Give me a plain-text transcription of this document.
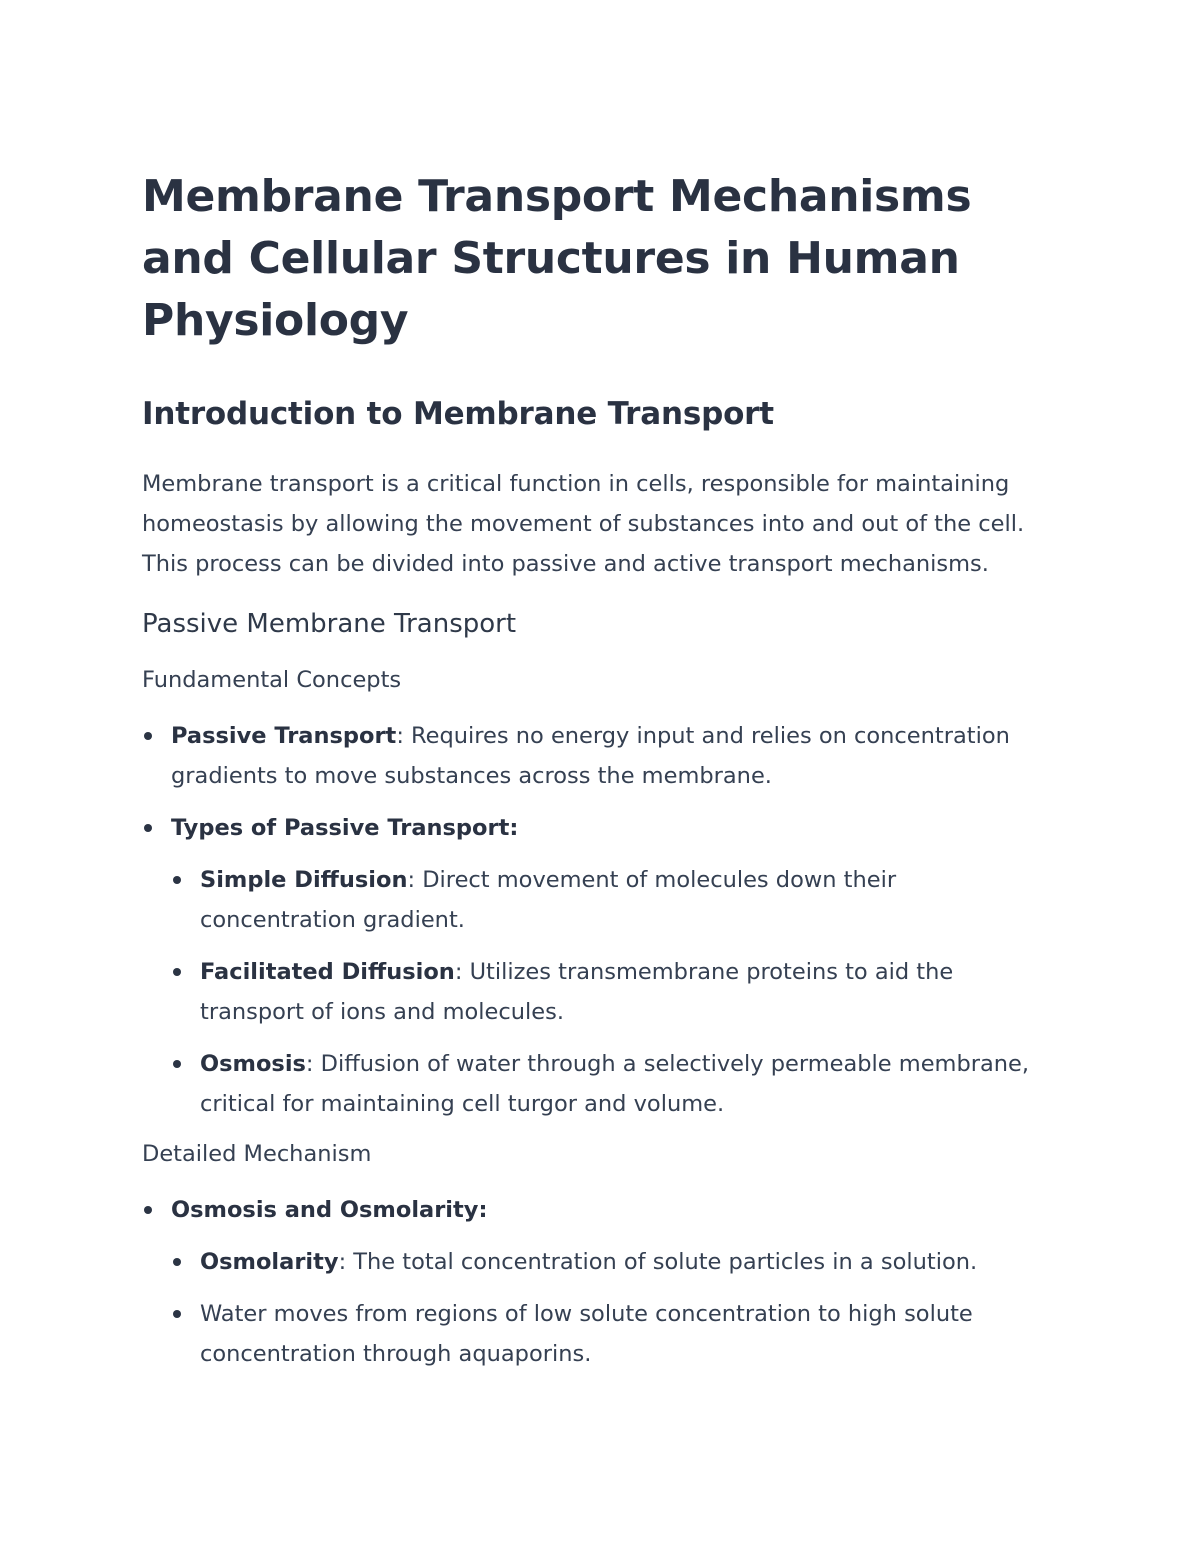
Membrane Transport Mechanisms and Cellular Structures in Human Physiology
Introduction to Membrane Transport

Membrane transport is a critical function in cells, responsible for maintaining homeostasis by allowing the movement of substances into and out of the cell. This process can be divided into passive and active transport mechanisms.

Passive Membrane Transport
Fundamental Concepts
Passive Transport: Requires no energy input and relies on concentration gradients to move substances across the membrane.
Types of Passive Transport:
Simple Diffusion: Direct movement of molecules down their concentration gradient.
Facilitated Diffusion: Utilizes transmembrane proteins to aid the transport of ions and molecules.
Osmosis: Diffusion of water through a selectively permeable membrane, critical for maintaining cell turgor and volume.
Detailed Mechanism
Osmosis and Osmolarity:
Osmolarity: The total concentration of solute particles in a solution.
Water moves from regions of low solute concentration to high solute concentration through aquaporins.
